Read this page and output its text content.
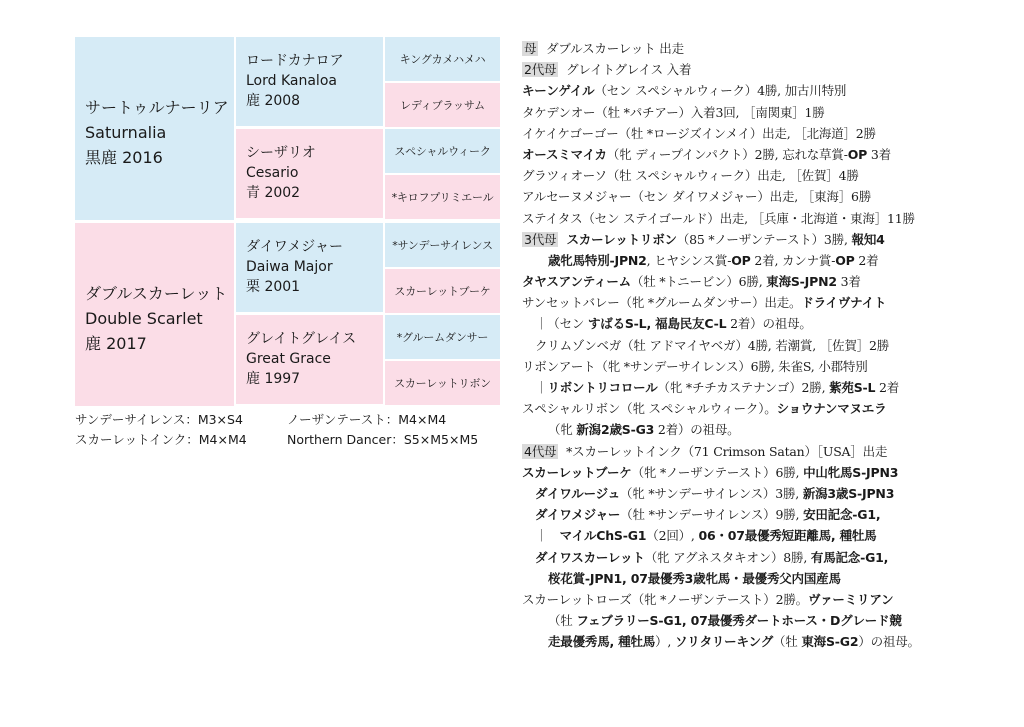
サートゥルナーリア
Saturnalia
黒鹿 2016
ダブルスカーレット
Double Scarlet
鹿 2017
ロードカナロア
Lord Kanaloa
鹿 2008
シーザリオ
Cesario
青 2002
ダイワメジャー
Daiwa Major
栗 2001
グレイトグレイス
Great Grace
鹿 1997
キングカメハメハ
レディブラッサム
スペシャルウィーク
*キロフプリミエール
*サンデーサイレンス
スカーレットブーケ
*グルームダンサー
スカーレットリボン
サンデーサイレンス：M3×S4	ノーザンテースト：M4×M4
スカーレットインク：M4×M4	Northern Dancer：S5×M5×M5
母 ダブルスカーレット 出走
2代母 グレイトグレイス 入着
キーンゲイル（セン スペシャルウィーク）4勝, 加古川特別
タケデンオー（牡 *パチアー）入着3回, ［南関東］1勝
イケイケゴーゴー（牡 *ロージズインメイ）出走, ［北海道］2勝
オースミマイカ（牝 ディープインパクト）2勝, 忘れな草賞-OP 3着
グラツィオーソ（牡 スペシャルウィーク）出走, ［佐賀］4勝
アルセーヌメジャー（セン ダイワメジャー）出走, ［東海］6勝
ステイタス（セン ステイゴールド）出走, ［兵庫・北海道・東海］11勝
3代母 スカーレットリボン（85 *ノーザンテースト）3勝, 報知4
歳牝馬特別-JPN2, ヒヤシンス賞-OP 2着, カンナ賞-OP 2着
タヤスアンティーム（牡 *トニービン）6勝, 東海S-JPN2 3着
サンセットバレー（牝 *グルームダンサー）出走。ドライヴナイト
｜（セン すばるS-L, 福島民友C-L 2着）の祖母。
クリムゾンベガ（牡 アドマイヤベガ）4勝, 若潮賞, ［佐賀］2勝
リボンアート（牝 *サンデーサイレンス）6勝, 朱雀S, 小郡特別
｜リボントリコロール（牝 *チチカステナンゴ）2勝, 紫苑S-L 2着
スペシャルリボン（牝 スペシャルウィーク）。ショウナンマヌエラ
（牝 新潟2歳S-G3 2着）の祖母。
4代母 *スカーレットインク（71 Crimson Satan）［USA］出走
スカーレットブーケ（牝 *ノーザンテースト）6勝, 中山牝馬S-JPN3
ダイワルージュ（牝 *サンデーサイレンス）3勝, 新潟3歳S-JPN3
ダイワメジャー（牡 *サンデーサイレンス）9勝, 安田記念-G1,
｜　マイルChS-G1（2回）, 06・07最優秀短距離馬, 種牡馬
ダイワスカーレット（牝 アグネスタキオン）8勝, 有馬記念-G1,
桜花賞-JPN1, 07最優秀3歳牝馬・最優秀父内国産馬
スカーレットローズ（牝 *ノーザンテースト）2勝。ヴァーミリアン
（牡 フェブラリーS-G1, 07最優秀ダートホース・Dグレード競
走最優秀馬, 種牡馬）, ソリタリーキング（牡 東海S-G2）の祖母。
